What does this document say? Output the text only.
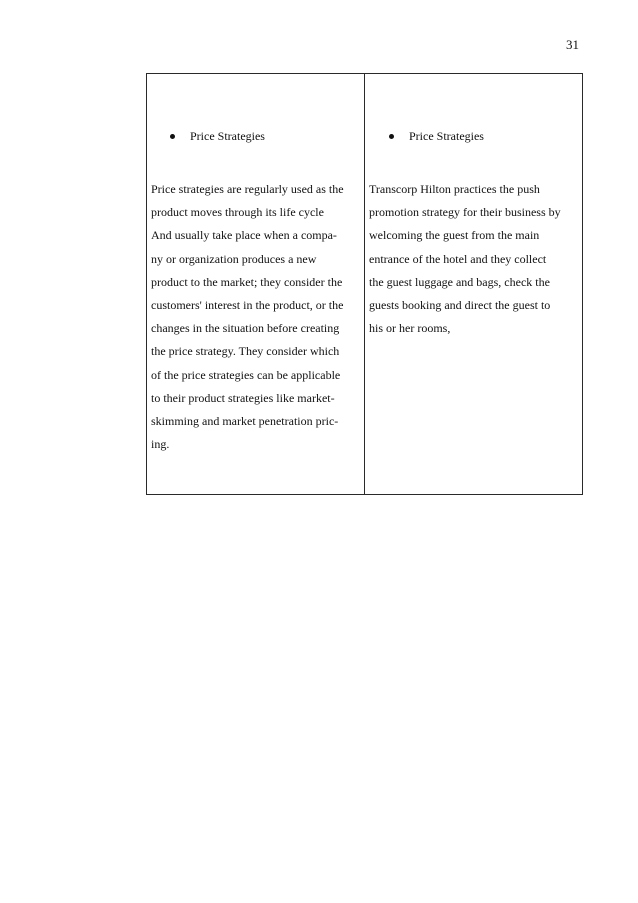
31
Price Strategies
Price strategies are regularly used as the
product moves through its life cycle
And usually take place when a compa-
ny or organization produces a new
product to the market; they consider the
customers' interest in the product, or the
changes in the situation before creating
the price strategy. They consider which
of the price strategies can be applicable
to their product strategies like market-
skimming and market penetration pric-
ing.
Price Strategies
Transcorp Hilton practices the push
promotion strategy for their business by
welcoming the guest from the main
entrance of the hotel and they collect
the guest luggage and bags, check the
guests booking and direct the guest to
his or her rooms,
